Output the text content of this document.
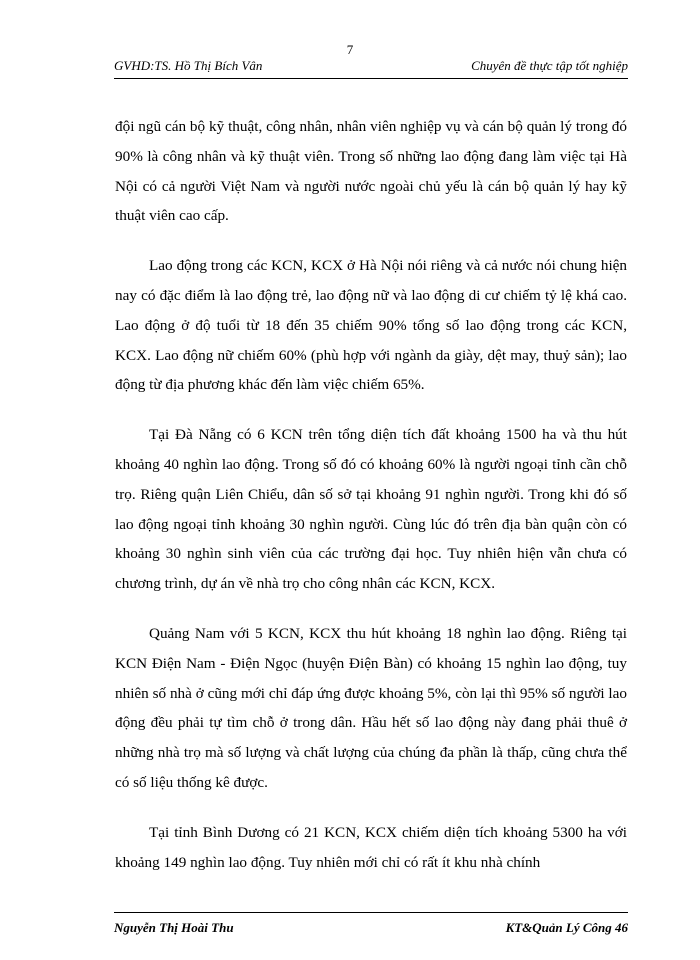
7
GVHD:TS. Hồ Thị Bích Vân	Chuyên đề thực tập tốt nghiệp

đội ngũ cán bộ kỹ thuật, công nhân, nhân viên nghiệp vụ và cán bộ quản lý trong đó 90% là công nhân và kỹ thuật viên. Trong số những lao động đang làm việc tại Hà Nội có cả người Việt Nam và người nước ngoài chủ yếu là cán bộ quản lý hay kỹ thuật viên cao cấp.

Lao động trong các KCN, KCX ở Hà Nội nói riêng và cả nước nói chung hiện nay có đặc điểm là lao động trẻ, lao động nữ và lao động di cư chiếm tỷ lệ khá cao. Lao động ở độ tuổi từ 18 đến 35 chiếm 90% tổng số lao động trong các KCN, KCX. Lao động nữ chiếm 60% (phù hợp với ngành da giày, dệt may, thuỷ sản); lao động từ địa phương khác đến làm việc chiếm 65%.

Tại Đà Nẵng có 6 KCN trên tổng diện tích đất khoảng 1500 ha và thu hút khoảng 40 nghìn lao động. Trong số đó có khoảng 60% là người ngoại tỉnh cần chỗ trọ. Riêng quận Liên Chiểu, dân số sở tại khoảng 91 nghìn người. Trong khi đó số lao động ngoại tỉnh khoảng 30 nghìn người. Cùng lúc đó trên địa bàn quận còn có khoảng 30 nghìn sinh viên của các trường đại học. Tuy nhiên hiện vẫn chưa có chương trình, dự án về nhà trọ cho công nhân các KCN, KCX.

Quảng Nam với 5 KCN, KCX thu hút khoảng 18 nghìn lao động. Riêng tại KCN Điện Nam - Điện Ngọc (huyện Điện Bàn) có khoảng 15 nghìn lao động, tuy nhiên số nhà ở cũng mới chỉ đáp ứng được khoảng 5%, còn lại thì 95% số người lao động đều phải tự tìm chỗ ở trong dân. Hầu hết số lao động này đang phải thuê ở những nhà trọ mà số lượng và chất lượng của chúng đa phần là thấp, cũng chưa thể có số liệu thống kê được.

Tại tỉnh Bình Dương có 21 KCN, KCX chiếm diện tích khoảng 5300 ha với khoảng 149 nghìn lao động. Tuy nhiên mới chỉ có rất ít khu nhà chính

Nguyễn Thị Hoài Thu	KT&Quản Lý Công 46
